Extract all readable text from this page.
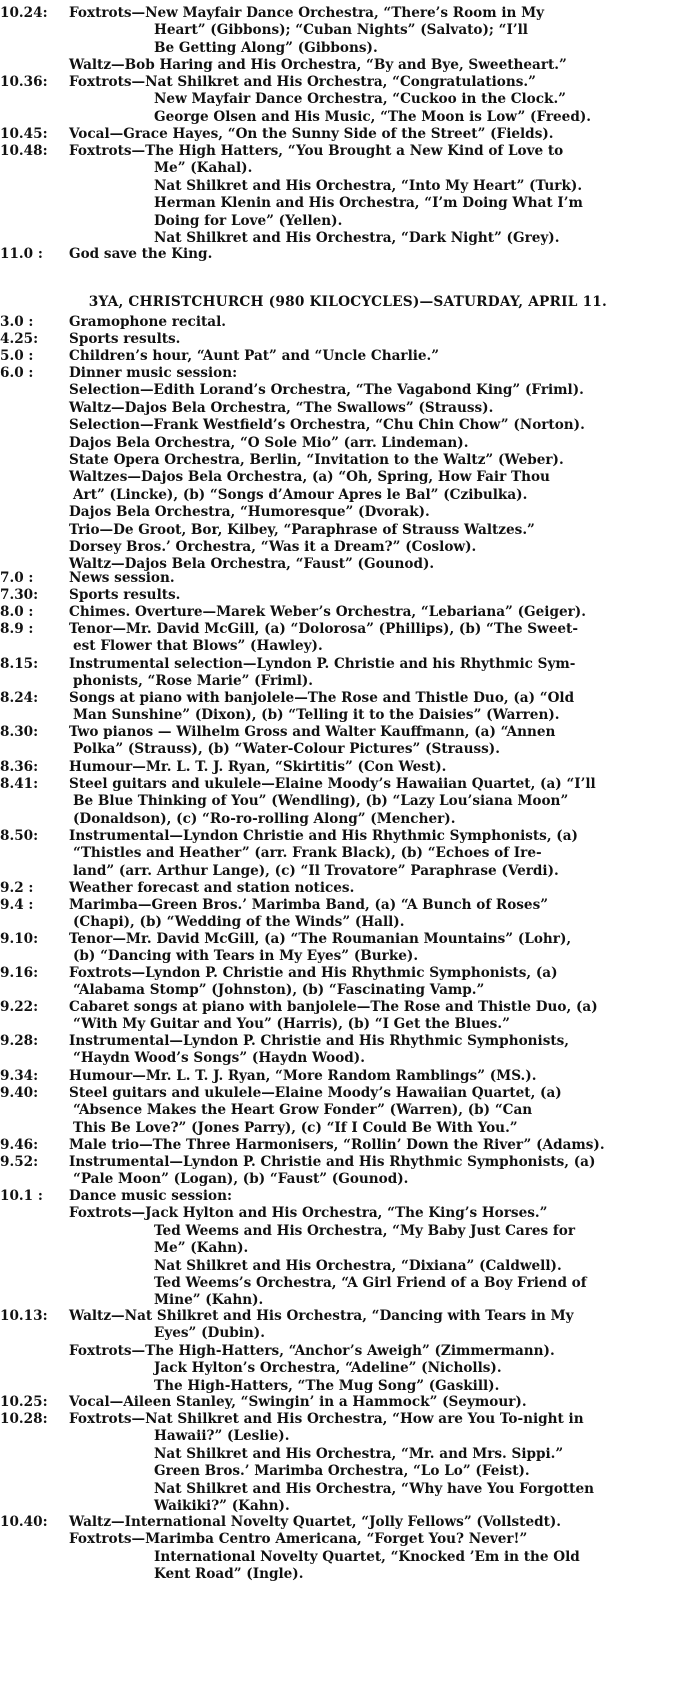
10.24: Foxtrots—New Mayfair Dance Orchestra, “There’s Room in My
Heart” (Gibbons); “Cuban Nights” (Salvato); “I’ll
Be Getting Along” (Gibbons).
Waltz—Bob Haring and His Orchestra, “By and Bye, Sweetheart.”
10.36: Foxtrots—Nat Shilkret and His Orchestra, “Congratulations.”
New Mayfair Dance Orchestra, “Cuckoo in the Clock.”
George Olsen and His Music, “The Moon is Low” (Freed).
10.45: Vocal—Grace Hayes, “On the Sunny Side of the Street” (Fields).
10.48: Foxtrots—The High Hatters, “You Brought a New Kind of Love to
Me” (Kahal).
Nat Shilkret and His Orchestra, “Into My Heart” (Turk).
Herman Klenin and His Orchestra, “I’m Doing What I’m
Doing for Love” (Yellen).
Nat Shilkret and His Orchestra, “Dark Night” (Grey).
11.0 : God save the King.
3YA, CHRISTCHURCH (980 KILOCYCLES)—SATURDAY, APRIL 11.
3.0 :	Gramophone recital.
4.25: Sports results.
5.0 :	Children’s hour, “Aunt Pat” and “Uncle Charlie.”
6.0 :	Dinner music session:
Selection—Edith Lorand’s Orchestra, “The Vagabond King” (Friml).
Waltz—Dajos Bela Orchestra, “The Swallows” (Strauss).
Selection—Frank Westfield’s Orchestra, “Chu Chin Chow” (Norton).
Dajos Bela Orchestra, “O Sole Mio” (arr. Lindeman).
State Opera Orchestra, Berlin, “Invitation to the Waltz” (Weber).
Waltzes—Dajos Bela Orchestra, (a) “Oh, Spring, How Fair Thou
Art” (Lincke), (b) “Songs d’Amour Apres le Bal” (Czibulka).
Dajos Bela Orchestra, “Humoresque” (Dvorak).
Trio—De Groot, Bor, Kilbey, “Paraphrase of Strauss Waltzes.”
Dorsey Bros.’ Orchestra, “Was it a Dream?” (Coslow).
Waltz—Dajos Bela Orchestra, “Faust” (Gounod).
7.0 :	News session.
7.30: Sports results.
8.0 :	Chimes. Overture—Marek Weber’s Orchestra, “Lebariana” (Geiger).
8.9 :	Tenor—Mr. David McGill, (a) “Dolorosa” (Phillips), (b) “The Sweet-
est Flower that Blows” (Hawley).
8.15: Instrumental selection—Lyndon P. Christie and his Rhythmic Sym-
phonists, “Rose Marie” (Friml).
8.24: Songs at piano with banjolele—The Rose and Thistle Duo, (a) “Old
Man Sunshine” (Dixon), (b) “Telling it to the Daisies” (Warren).
8.30: Two pianos — Wilhelm Gross and Walter Kauffmann, (a) “Annen
Polka” (Strauss), (b) “Water-Colour Pictures” (Strauss).
8.36: Humour—Mr. L. T. J. Ryan, “Skirtitis” (Con West).
8.41: Steel guitars and ukulele—Elaine Moody’s Hawaiian Quartet, (a) “I’ll
Be Blue Thinking of You” (Wendling), (b) “Lazy Lou’siana Moon”
(Donaldson), (c) “Ro-ro-rolling Along” (Mencher).
8.50: Instrumental—Lyndon Christie and His Rhythmic Symphonists, (a)
“Thistles and Heather” (arr. Frank Black), (b) “Echoes of Ire-
land” (arr. Arthur Lange), (c) “Il Trovatore” Paraphrase (Verdi).
9.2 :	Weather forecast and station notices.
9.4 :	Marimba—Green Bros.’ Marimba Band, (a) “A Bunch of Roses”
(Chapi), (b) “Wedding of the Winds” (Hall).
9.10: Tenor—Mr. David McGill, (a) “The Roumanian Mountains” (Lohr),
(b) “Dancing with Tears in My Eyes” (Burke).
9.16: Foxtrots—Lyndon P. Christie and His Rhythmic Symphonists, (a)
“Alabama Stomp” (Johnston), (b) “Fascinating Vamp.”
9.22: Cabaret songs at piano with banjolele—The Rose and Thistle Duo, (a)
“With My Guitar and You” (Harris), (b) “I Get the Blues.”
9.28: Instrumental—Lyndon P. Christie and His Rhythmic Symphonists,
“Haydn Wood’s Songs” (Haydn Wood).
9.34: Humour—Mr. L. T. J. Ryan, “More Random Ramblings” (MS.).
9.40: Steel guitars and ukulele—Elaine Moody’s Hawaiian Quartet, (a)
“Absence Makes the Heart Grow Fonder” (Warren), (b) “Can
This Be Love?” (Jones Parry), (c) “If I Could Be With You.”
9.46: Male trio—The Three Harmonisers, “Rollin’ Down the River” (Adams).
9.52: Instrumental—Lyndon P. Christie and His Rhythmic Symphonists, (a)
“Pale Moon” (Logan), (b) “Faust” (Gounod).
10.1 : Dance music session:
Foxtrots—Jack Hylton and His Orchestra, “The King’s Horses.”
Ted Weems and His Orchestra, “My Baby Just Cares for
Me” (Kahn).
Nat Shilkret and His Orchestra, “Dixiana” (Caldwell).
Ted Weems’s Orchestra, “A Girl Friend of a Boy Friend of
Mine” (Kahn).
10.13: Waltz—Nat Shilkret and His Orchestra, “Dancing with Tears in My
Eyes” (Dubin).
Foxtrots—The High-Hatters, “Anchor’s Aweigh” (Zimmermann).
Jack Hylton’s Orchestra, “Adeline” (Nicholls).
The High-Hatters, “The Mug Song” (Gaskill).
10.25: Vocal—Aileen Stanley, “Swingin’ in a Hammock” (Seymour).
10.28: Foxtrots—Nat Shilkret and His Orchestra, “How are You To-night in
Hawaii?” (Leslie).
Nat Shilkret and His Orchestra, “Mr. and Mrs. Sippi.”
Green Bros.’ Marimba Orchestra, “Lo Lo” (Feist).
Nat Shilkret and His Orchestra, “Why have You Forgotten
Waikiki?” (Kahn).
10.40: Waltz—International Novelty Quartet, “Jolly Fellows” (Vollstedt).
Foxtrots—Marimba Centro Americana, “Forget You? Never!”
International Novelty Quartet, “Knocked ’Em in the Old
Kent Road” (Ingle).
